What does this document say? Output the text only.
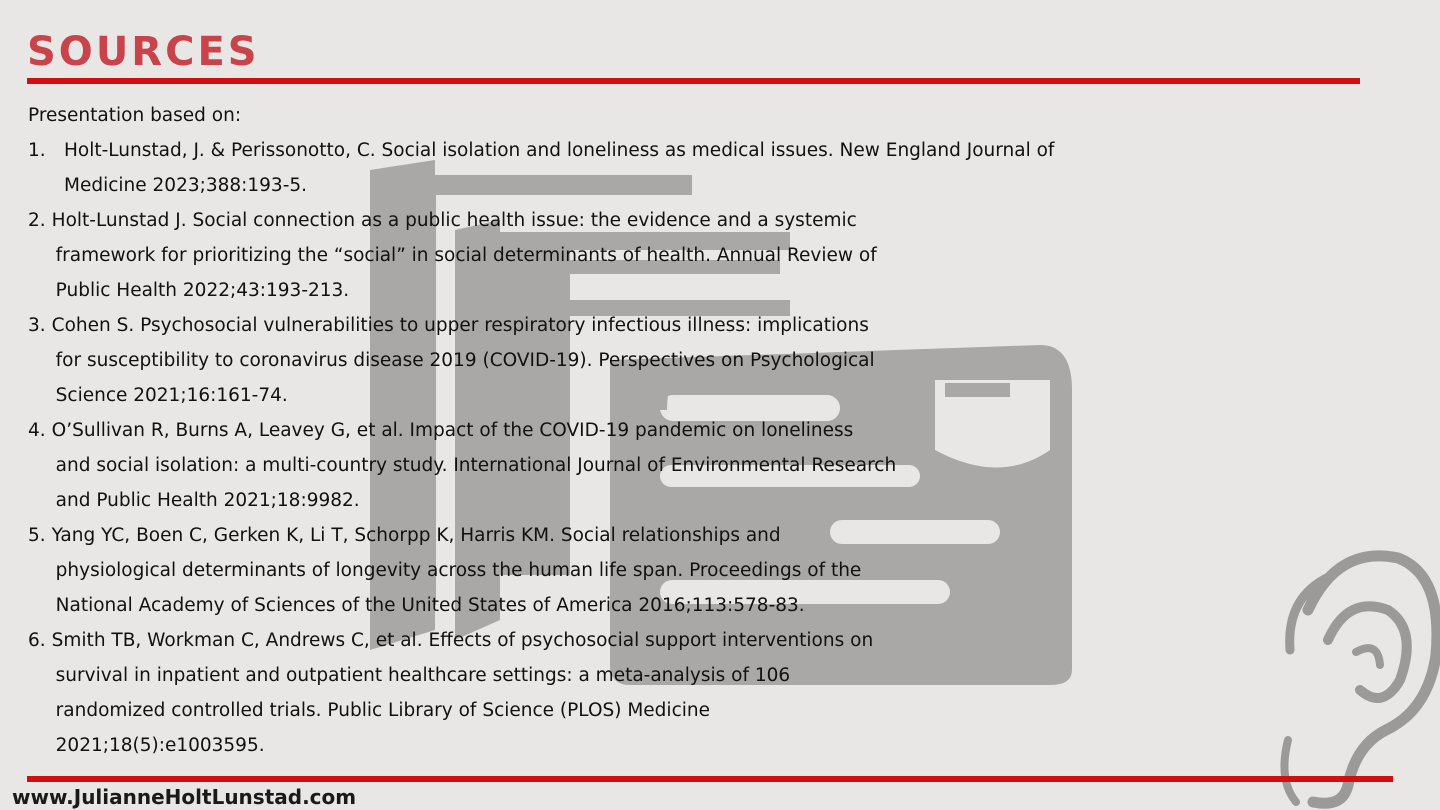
SOURCES

Presentation based on:

1. Holt-Lunstad, J. & Perissonotto, C. Social isolation and loneliness as medical issues. New England Journal of
Medicine 2023;388:193-5.
2. Holt-Lunstad J. Social connection as a public health issue: the evidence and a systemic
framework for prioritizing the “social” in social determinants of health. Annual Review of
Public Health 2022;43:193-213.
3. Cohen S. Psychosocial vulnerabilities to upper respiratory infectious illness: implications
for susceptibility to coronavirus disease 2019 (COVID-19). Perspectives on Psychological
Science 2021;16:161-74.
4. O’Sullivan R, Burns A, Leavey G, et al. Impact of the COVID-19 pandemic on loneliness
and social isolation: a multi-country study. International Journal of Environmental Research
and Public Health 2021;18:9982.
5. Yang YC, Boen C, Gerken K, Li T, Schorpp K, Harris KM. Social relationships and
physiological determinants of longevity across the human life span. Proceedings of the
National Academy of Sciences of the United States of America 2016;113:578-83.
6. Smith TB, Workman C, Andrews C, et al. Effects of psychosocial support interventions on
survival in inpatient and outpatient healthcare settings: a meta-analysis of 106
randomized controlled trials. Public Library of Science (PLOS) Medicine
2021;18(5):e1003595.
www.JulianneHoltLunstad.com
